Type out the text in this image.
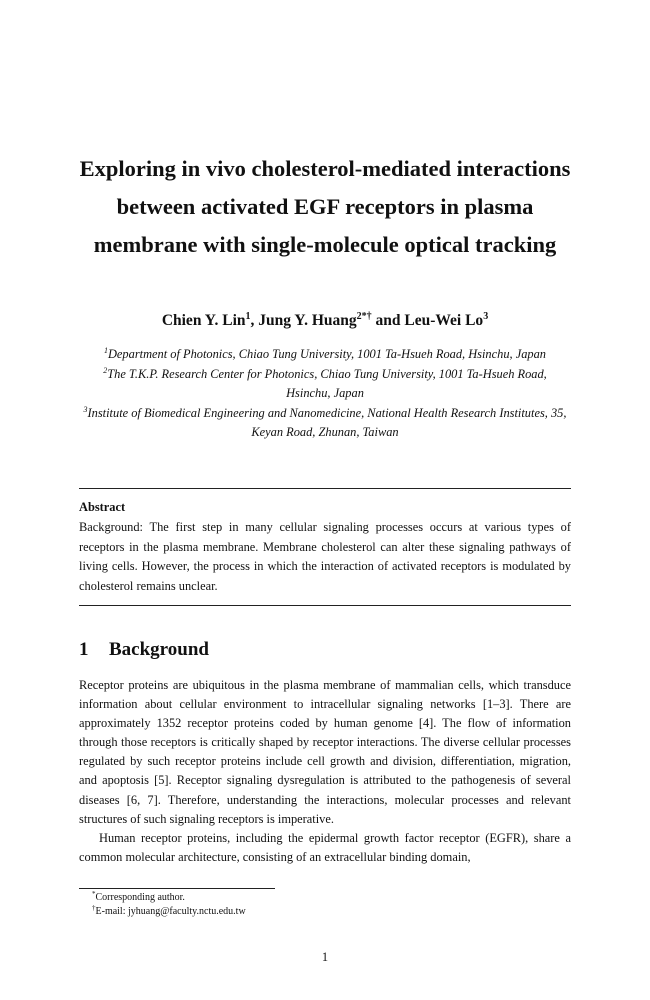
Exploring in vivo cholesterol-mediated interactions between activated EGF receptors in plasma membrane with single-molecule optical tracking
Chien Y. Lin$^1$, Jung Y. Huang$^{2*\dagger}$ and Leu-Wei Lo$^3$
$^1$Department of Photonics, Chiao Tung University, 1001 Ta-Hsueh Road, Hsinchu, Japan
$^2$The T.K.P. Research Center for Photonics, Chiao Tung University, 1001 Ta-Hsueh Road, Hsinchu, Japan
$^3$Institute of Biomedical Engineering and Nanomedicine, National Health Research Institutes, 35, Keyan Road, Zhunan, Taiwan
Abstract
Background: The first step in many cellular signaling processes occurs at various types of receptors in the plasma membrane. Membrane cholesterol can alter these signaling pathways of living cells. However, the process in which the interaction of activated receptors is modulated by cholesterol remains unclear.
1 Background

Receptor proteins are ubiquitous in the plasma membrane of mammalian cells, which transduce information about cellular environment to intracellular signaling networks [1–3]. There are approximately 1352 receptor proteins coded by human genome [4]. The flow of information through those receptors is critically shaped by receptor interactions. The diverse cellular processes regulated by such receptor proteins include cell growth and division, differentiation, migration, and apoptosis [5]. Receptor signaling dysregulation is attributed to the pathogenesis of several diseases [6, 7]. Therefore, understanding the interactions, molecular processes and relevant structures of such signaling receptors is imperative.

Human receptor proteins, including the epidermal growth factor receptor (EGFR), share a common molecular architecture, consisting of an extracellular binding domain,

*Corresponding author.
†E-mail: jyhuang@faculty.nctu.edu.tw
1
